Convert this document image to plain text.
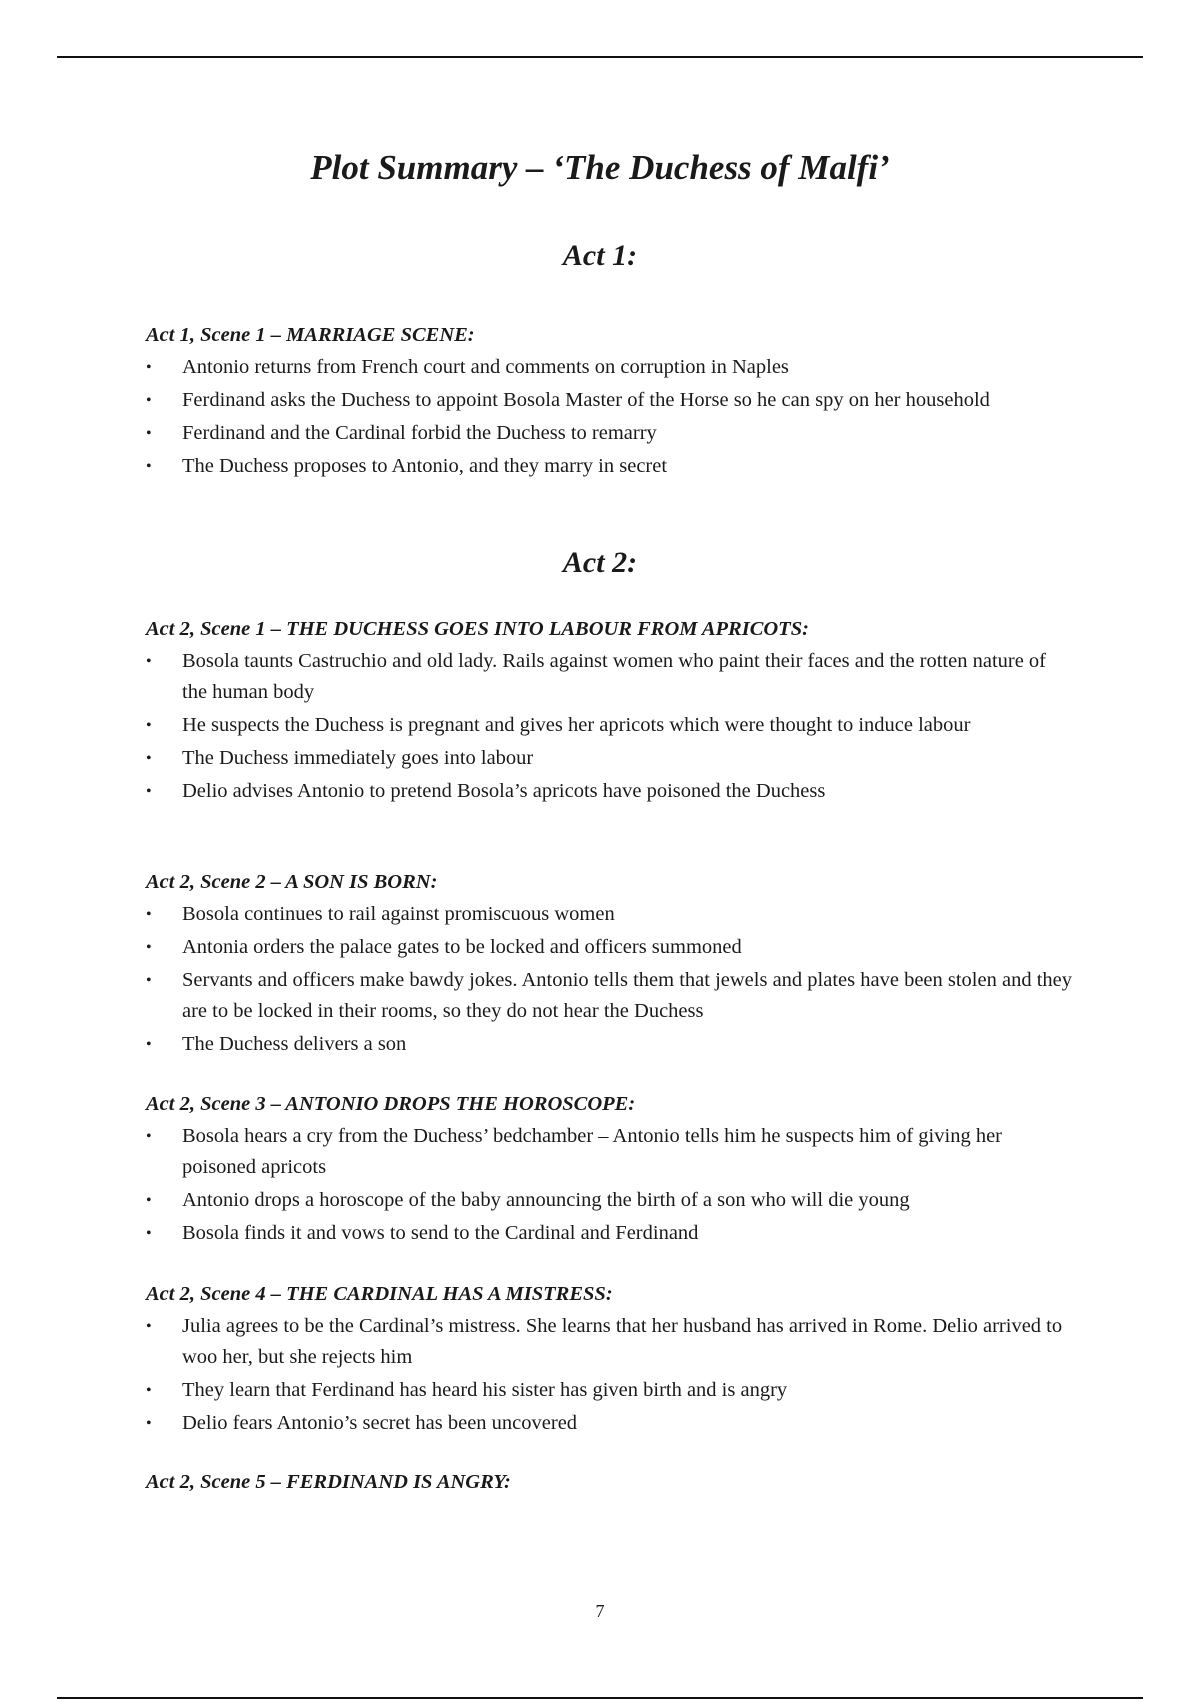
Plot Summary – ‘The Duchess of Malfi’
Act 1:
Act 1, Scene 1 – MARRIAGE SCENE:
•	Antonio returns from French court and comments on corruption in Naples
•	Ferdinand asks the Duchess to appoint Bosola Master of the Horse so he can spy on her household
•	Ferdinand and the Cardinal forbid the Duchess to remarry
•	The Duchess proposes to Antonio, and they marry in secret
Act 2:
Act 2, Scene 1 – THE DUCHESS GOES INTO LABOUR FROM APRICOTS:
•	Bosola taunts Castruchio and old lady. Rails against women who paint their faces and the rotten nature of the human body
•	He suspects the Duchess is pregnant and gives her apricots which were thought to induce labour
•	The Duchess immediately goes into labour
•	Delio advises Antonio to pretend Bosola’s apricots have poisoned the Duchess
Act 2, Scene 2 – A SON IS BORN:
•	Bosola continues to rail against promiscuous women
•	Antonia orders the palace gates to be locked and officers summoned
•	Servants and officers make bawdy jokes. Antonio tells them that jewels and plates have been stolen and they are to be locked in their rooms, so they do not hear the Duchess
•	The Duchess delivers a son
Act 2, Scene 3 – ANTONIO DROPS THE HOROSCOPE:
•	Bosola hears a cry from the Duchess’ bedchamber – Antonio tells him he suspects him of giving her poisoned apricots
•	Antonio drops a horoscope of the baby announcing the birth of a son who will die young
•	Bosola finds it and vows to send to the Cardinal and Ferdinand
Act 2, Scene 4 – THE CARDINAL HAS A MISTRESS:
•	Julia agrees to be the Cardinal’s mistress. She learns that her husband has arrived in Rome. Delio arrived to woo her, but she rejects him
•	They learn that Ferdinand has heard his sister has given birth and is angry
•	Delio fears Antonio’s secret has been uncovered
Act 2, Scene 5 – FERDINAND IS ANGRY:
7
